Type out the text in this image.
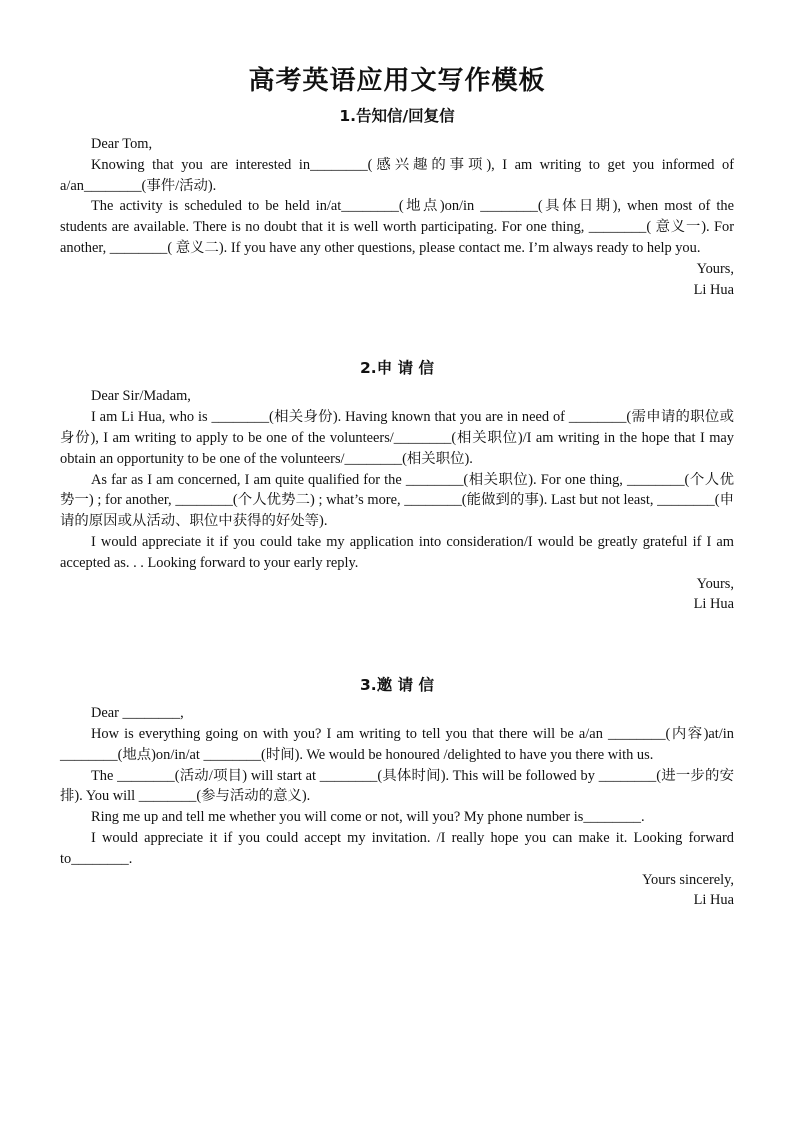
高考英语应用文写作模板
1.告知信/回复信

Dear Tom,

Knowing that you are interested in________(感兴趣的事项), I am writing to get you informed of a/an________(事件/活动).

The activity is scheduled to be held in/at________(地点)on/in ________(具体日期), when most of the students are available. There is no doubt that it is well worth participating. For one thing, ________( 意义一). For another, ________( 意义二). If you have any other questions, please contact me. I’m always ready to help you.

Yours,

Li Hua

2.申 请 信

Dear Sir/Madam,

I am Li Hua, who is ________(相关身份). Having known that you are in need of ________(需申请的职位或身份), I am writing to apply to be one of the volunteers/________(相关职位)/I am writing in the hope that I may obtain an opportunity to be one of the volunteers/________(相关职位).

As far as I am concerned, I am quite qualified for the ________(相关职位). For one thing, ________(个人优势一) ; for another, ________(个人优势二) ; what’s more, ________(能做到的事). Last but not least, ________(申请的原因或从活动、职位中获得的好处等).

I would appreciate it if you could take my application into consideration/I would be greatly grateful if I am accepted as. . . Looking forward to your early reply.

Yours,

Li Hua

3.邀 请 信

Dear ________,

How is everything going on with you? I am writing to tell you that there will be a/an ________(内容)at/in ________(地点)on/in/at ________(时间). We would be honoured /delighted to have you there with us.

The ________(活动/项目) will start at ________(具体时间). This will be followed by ________(进一步的安排). You will ________(参与活动的意义).

Ring me up and tell me whether you will come or not, will you? My phone number is________.

I would appreciate it if you could accept my invitation. /I really hope you can make it. Looking forward to________.

Yours sincerely,

Li Hua
